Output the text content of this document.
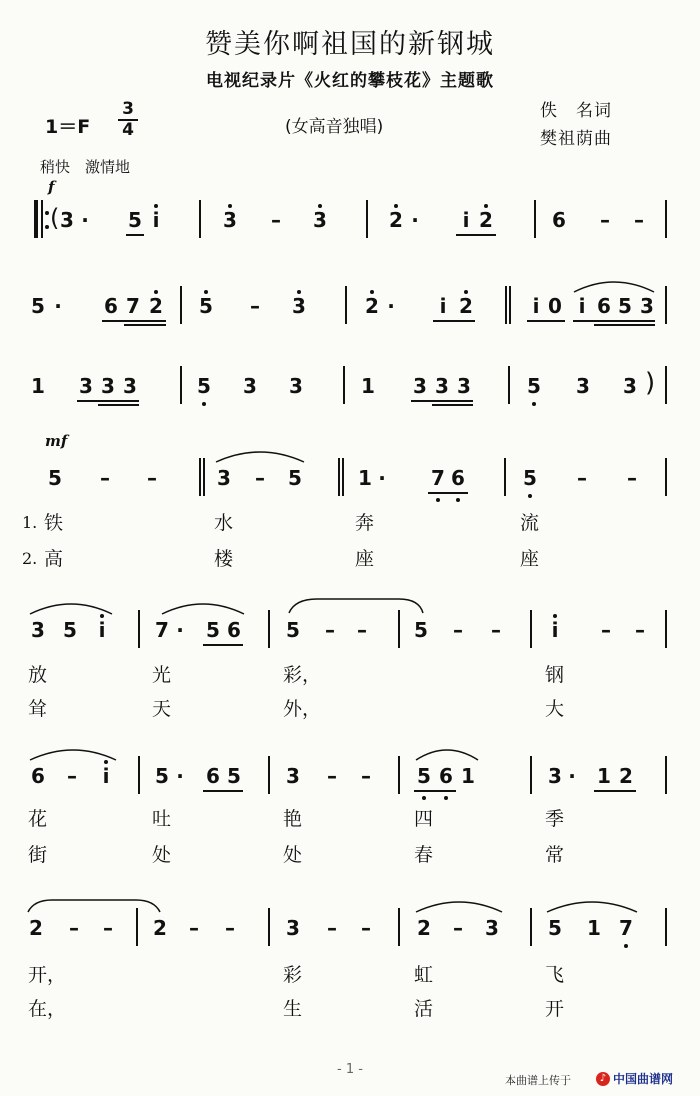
赞美你啊祖国的新钢城
电视纪录片《火红的攀枝花》主题歌
1＝F
3
4	(女高音独唱)
佚　名词
樊祖荫曲
稍快　激情地
f
mf
( 3 ·	5 i	3 – 3	2 ·	i 2	6 – –
5 ·	6 7 2 5 – 3	2 ·	i 2	i 0 i 6 5 3
1 3 3 3	5 3 3	1 3 3 3	5 3 3 )
5 – –	3 – 5	1 ·	7 6	5 – –
1. 铁	水	奔	流
2. 高	楼	座	座
3 5	i	7 ·	5 6 5 – – 5 – –	i	– –
放	光	彩，	钢
耸	天	外，	大
6 –	i	5 ·	6 5 3 – – 5 6 1	3 ·	1 2
花	吐	艳	四	季
街	处	处	春	常
2 – – 2 – –	3 – – 2 – 3 5 1 7
开，	彩	虹	飞
在，	生	活	开
- 1 -
本曲谱上传于	♪ 中国曲谱网
